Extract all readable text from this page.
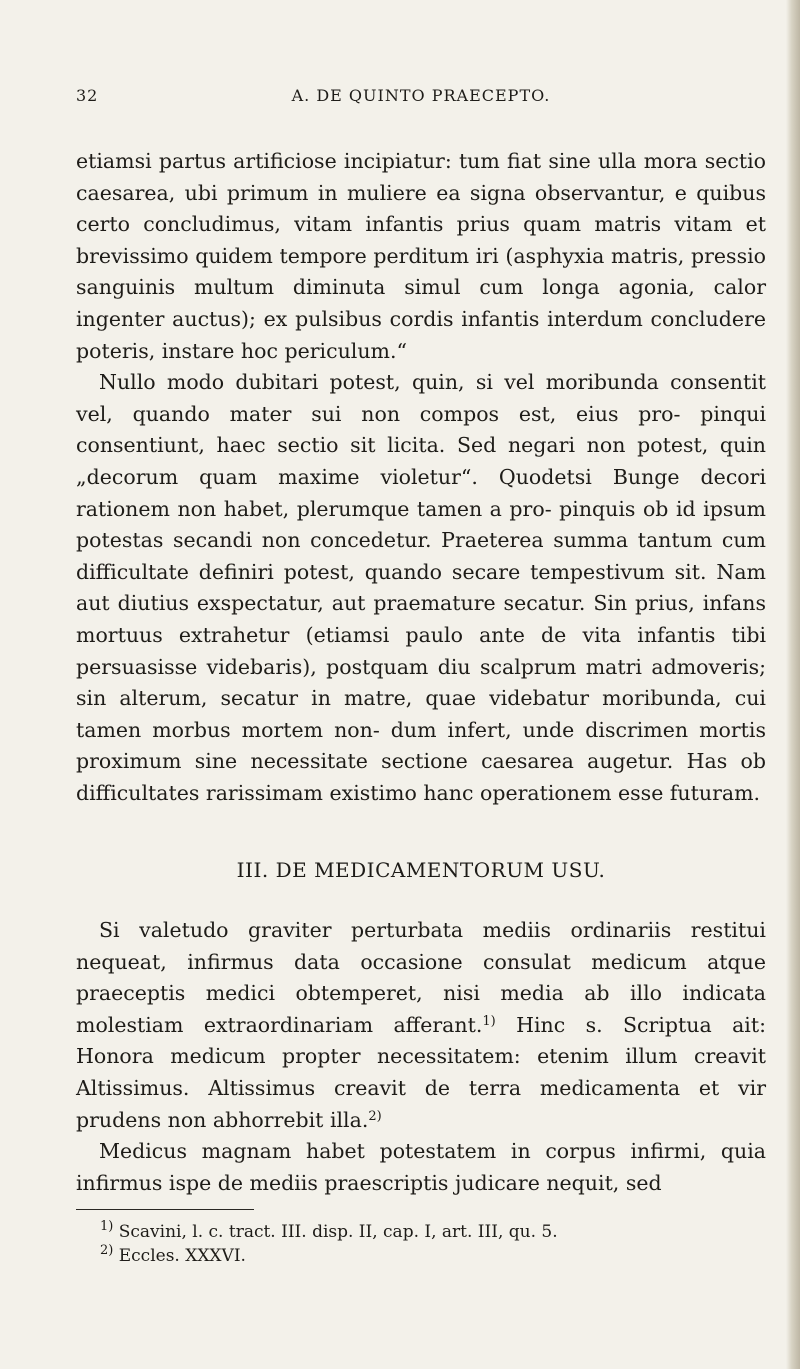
32	A. DE QUINTO PRAECEPTO.

etiamsi partus artificiose incipiatur: tum fiat sine ulla mora sectio caesarea, ubi primum in muliere ea signa observantur, e quibus certo concludimus, vitam infantis prius quam matris vitam et brevissimo quidem tempore perditum iri (asphyxia matris, pressio sanguinis multum diminuta simul cum longa agonia, calor ingenter auctus); ex pulsibus cordis infantis interdum concludere poteris, instare hoc periculum.“

Nullo modo dubitari potest, quin, si vel moribunda consentit vel, quando mater sui non compos est, eius pro- pinqui consentiunt, haec sectio sit licita. Sed negari non potest, quin „decorum quam maxime violetur“. Quodetsi Bunge decori rationem non habet, plerumque tamen a pro- pinquis ob id ipsum potestas secandi non concedetur. Praeterea summa tantum cum difficultate definiri potest, quando secare tempestivum sit. Nam aut diutius exspectatur, aut praemature secatur. Sin prius, infans mortuus extrahetur (etiamsi paulo ante de vita infantis tibi persuasisse videbaris), postquam diu scalprum matri admoveris; sin alterum, secatur in matre, quae videbatur moribunda, cui tamen morbus mortem non- dum infert, unde discrimen mortis proximum sine necessitate sectione caesarea augetur. Has ob difficultates rarissimam existimo hanc operationem esse futuram.

III. DE MEDICAMENTORUM USU.

Si valetudo graviter perturbata mediis ordinariis restitui nequeat, infirmus data occasione consulat medicum atque praeceptis medici obtemperet, nisi media ab illo indicata molestiam extraordinariam afferant.$^{1)}$ Hinc s. Scriptua ait: Honora medicum propter necessitatem: etenim illum creavit Altissimus. Altissimus creavit de terra medicamenta et vir prudens non abhorrebit illa.$^{2)}$

Medicus magnam habet potestatem in corpus infirmi, quia infirmus ispe de mediis praescriptis judicare nequit, sed

$^{1)}$ Scavini, l. c. tract. III. disp. II, cap. I, art. III, qu. 5.

$^{2)}$ Eccles. XXXVI.
